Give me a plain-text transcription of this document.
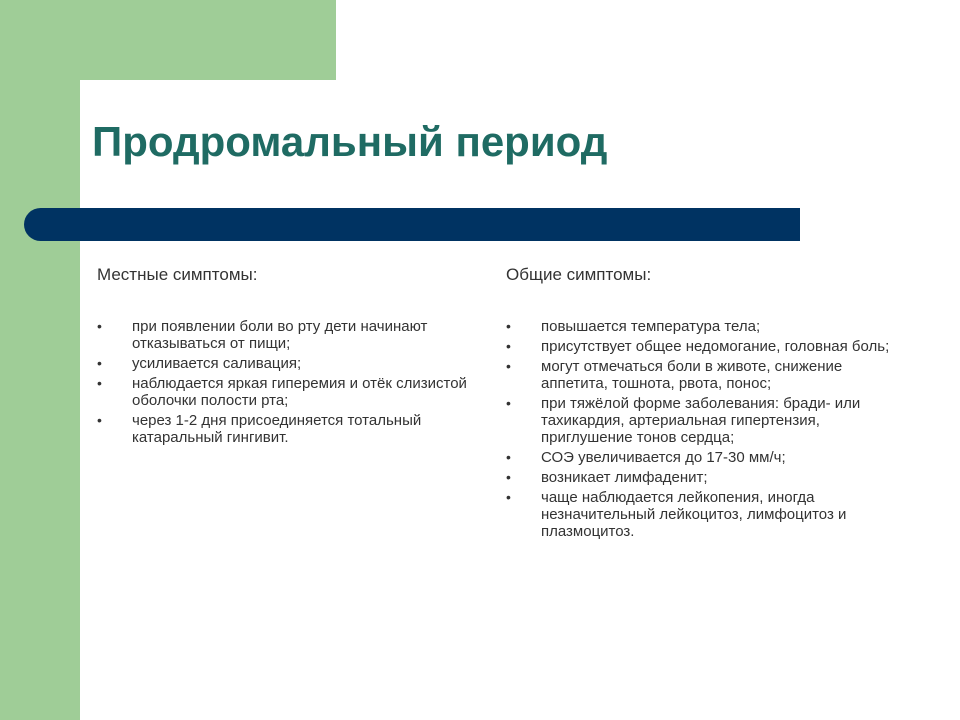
Продромальный период

Местные симптомы:

• при появлении боли во рту дети начинают отказываться от пищи;
• усиливается саливация;
• наблюдается яркая гиперемия и отёк слизистой оболочки полости рта;
• через 1-2 дня присоединяется тотальный катаральный гингивит.

Общие симптомы:

• повышается температура тела;
• присутствует общее недомогание, головная боль;
• могут отмечаться боли в животе, снижение аппетита, тошнота, рвота, понос;
• при тяжёлой форме заболевания: бради- или тахикардия, артериальная гипертензия, приглушение тонов сердца;
• СОЭ увеличивается до 17-30 мм/ч;
• возникает лимфаденит;
• чаще наблюдается лейкопения, иногда незначительный лейкоцитоз, лимфоцитоз и плазмоцитоз.
